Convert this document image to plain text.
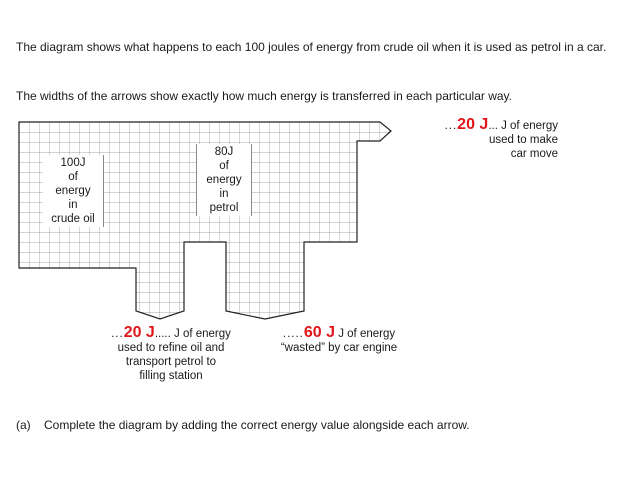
The diagram shows what happens to each 100 joules of energy from crude oil when it is used as petrol in a car.
The widths of the arrows show exactly how much energy is transferred in each particular way.
100J
of
energy
in
crude oil
80J
of
energy
in
petrol
...20 J... J of energy
used to make
car move
...20 J..... J of energy
used to refine oil and
transport petrol to
filling station
.....60 J J of energy
“wasted” by car engine
(a)    Complete the diagram by adding the correct energy value alongside each arrow.
